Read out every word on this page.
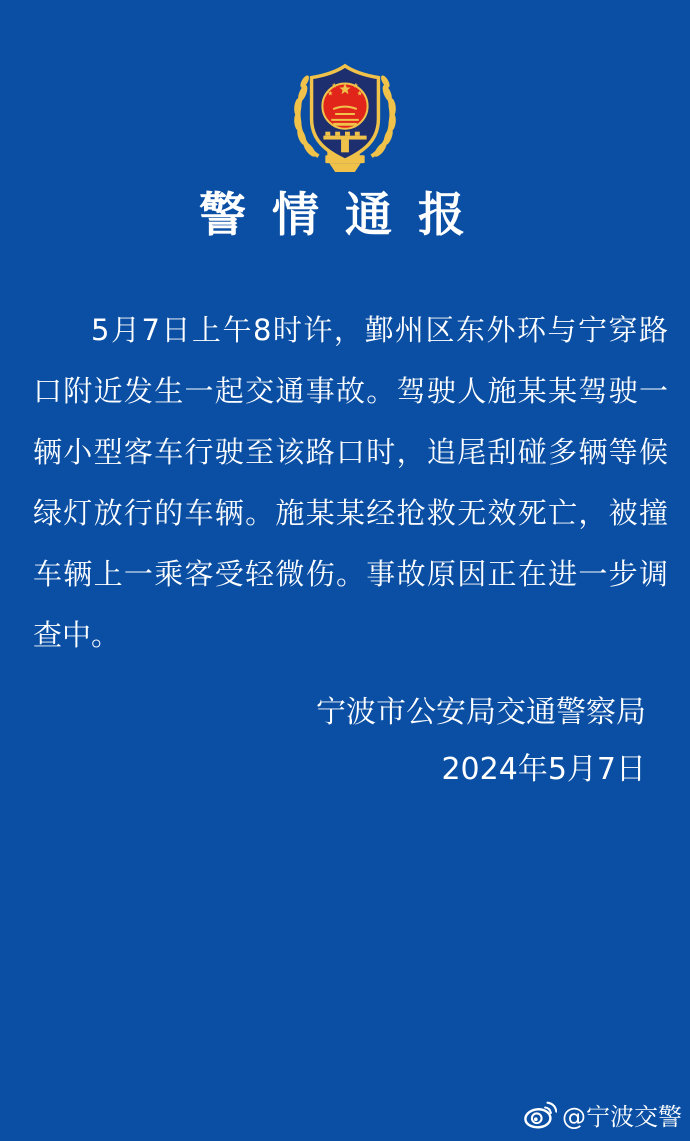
警情通报

5月7日上午8时许，鄞州区东外环与宁穿路

口附近发生一起交通事故。驾驶人施某某驾驶一

辆小型客车行驶至该路口时，追尾刮碰多辆等候

绿灯放行的车辆。施某某经抢救无效死亡，被撞

车辆上一乘客受轻微伤。事故原因正在进一步调

查中。

宁波市公安局交通警察局
2024年5月7日
@宁波交警
